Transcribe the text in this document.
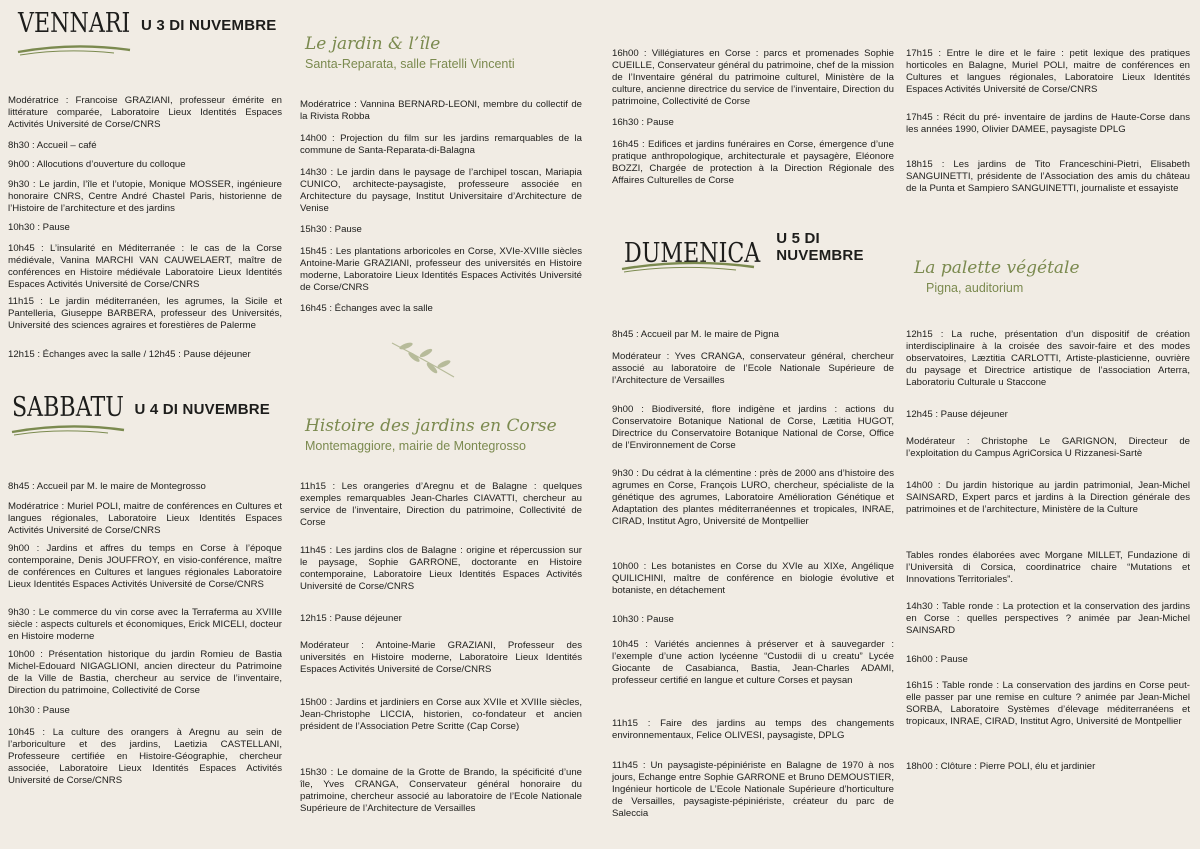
VENNARI U 3 DI NUVEMBRE

Modératrice : Francoise GRAZIANI, professeur émérite en littérature comparée, Laboratoire Lieux Identités Espaces Activités Université de Corse/CNRS

8h30 : Accueil – café

9h00 : Allocutions d’ouverture du colloque

9h30 : Le jardin, l’île et l’utopie, Monique MOSSER, ingénieure honoraire CNRS, Centre André Chastel Paris, historienne de l’Histoire de l’architecture et des jardins

10h30 : Pause

10h45 : L’insularité en Méditerranée : le cas de la Corse médiévale, Vanina MARCHI VAN CAUWELAERT, maître de conférences en Histoire médiévale Laboratoire Lieux Identités Espaces Activités Université de Corse/CNRS

11h15 : Le jardin méditerranéen, les agrumes, la Sicile et Pantelleria, Giuseppe BARBERA, professeur des Universités, Université des sciences agraires et forestières de Palerme

12h15 : Échanges avec la salle / 12h45 : Pause déjeuner

SABBATU U 4 DI NUVEMBRE

8h45 : Accueil par M. le maire de Montegrosso

Modératrice : Muriel POLI, maitre de conférences en Cultures et langues régionales, Laboratoire Lieux Identités Espaces Activités Université de Corse/CNRS

9h00 : Jardins et affres du temps en Corse à l’époque contemporaine, Denis JOUFFROY, en visio-conférence, maître de conférences en Cultures et langues régionales Laboratoire Lieux Identités Espaces Activités Université de Corse/CNRS

9h30 : Le commerce du vin corse avec la Terraferma au XVIIIe siècle : aspects culturels et économiques, Erick MICELI, docteur en Histoire moderne

10h00 : Présentation historique du jardin Romieu de Bastia Michel-Edouard NIGAGLIONI, ancien directeur du Patrimoine de la Ville de Bastia, chercheur au service de l’inventaire, Direction du patrimoine, Collectivité de Corse

10h30 : Pause

10h45 : La culture des orangers à Aregnu au sein de l’arboriculture et des jardins, Laetizia CASTELLANI, Professeure certifiée en Histoire-Géographie, chercheur associée, Laboratoire Lieux Identités Espaces Activités Université de Corse/CNRS

Le jardin & l’île
Santa-Reparata, salle Fratelli Vincenti

Modératrice : Vannina BERNARD-LEONI, membre du collectif de la Rivista Robba

14h00 : Projection du film sur les jardins remarquables de la commune de Santa-Reparata-di-Balagna

14h30 : Le jardin dans le paysage de l’archipel toscan, Mariapia CUNICO, architecte-paysagiste, professeure associée en Architecture du paysage, Institut Universitaire d’Architecture de Venise

15h30 : Pause

15h45 : Les plantations arboricoles en Corse, XVIe-XVIIIe siècles Antoine-Marie GRAZIANI, professeur des universités en Histoire moderne, Laboratoire Lieux Identités Espaces Activités Université de Corse/CNRS

16h45 : Échanges avec la salle

Histoire des jardins en Corse
Montemaggiore, mairie de Montegrosso

11h15 : Les orangeries d’Aregnu et de Balagne : quelques exemples remarquables Jean-Charles CIAVATTI, chercheur au service de l’inventaire, Direction du patrimoine, Collectivité de Corse

11h45 : Les jardins clos de Balagne : origine et répercussion sur le paysage, Sophie GARRONE, doctorante en Histoire contemporaine, Laboratoire Lieux Identités Espaces Activités Université de Corse/CNRS

12h15 : Pause déjeuner

Modérateur : Antoine-Marie GRAZIANI, Professeur des universités en Histoire moderne, Laboratoire Lieux Identités Espaces Activités Université de Corse/CNRS

15h00 : Jardins et jardiniers en Corse aux XVIIe et XVIIIe siècles, Jean-Christophe LICCIA, historien, co-fondateur et ancien président de l’Association Petre Scritte (Cap Corse)

15h30 : Le domaine de la Grotte de Brando, la spécificité d’une île, Yves CRANGA, Conservateur général honoraire du patrimoine, chercheur associé au laboratoire de l’Ecole Nationale Supérieure de l’Architecture de Versailles

16h00 : Villégiatures en Corse : parcs et promenades Sophie CUEILLE, Conservateur général du patrimoine, chef de la mission de l’Inventaire général du patrimoine culturel, Ministère de la culture, ancienne directrice du service de l’inventaire, Direction du patrimoine, Collectivité de Corse

16h30 : Pause

16h45 : Edifices et jardins funéraires en Corse, émergence d’une pratique anthropologique, architecturale et paysagère, Eléonore BOZZI, Chargée de protection à la Direction Régionale des Affaires Culturelles de Corse

DUMENICA U 5 DI NUVEMBRE

8h45 : Accueil par M. le maire de Pigna

Modérateur : Yves CRANGA, conservateur général, chercheur associé au laboratoire de l’Ecole Nationale Supérieure de l’Architecture de Versailles

9h00 : Biodiversité, flore indigène et jardins : actions du Conservatoire Botanique National de Corse, Lætitia HUGOT, Directrice du Conservatoire Botanique National de Corse, Office de l’Environnement de Corse

9h30 : Du cédrat à la clémentine : près de 2000 ans d’histoire des agrumes en Corse, François LURO, chercheur, spécialiste de la génétique des agrumes, Laboratoire Amélioration Génétique et Adaptation des plantes méditerranéennes et tropicales, INRAE, CIRAD, Institut Agro, Université de Montpellier

10h00 : Les botanistes en Corse du XVIe au XIXe, Angélique QUILICHINI, maître de conférence en biologie évolutive et botaniste, en détachement

10h30 : Pause

10h45 : Variétés anciennes à préserver et à sauvegarder : l’exemple d’une action lycéenne “Custodii di u creatu” Lycée Giocante de Casabianca, Bastia, Jean-Charles ADAMI, professeur certifié en langue et culture Corses et paysan

11h15 : Faire des jardins au temps des changements environnementaux, Felice OLIVESI, paysagiste, DPLG

11h45 : Un paysagiste-pépiniériste en Balagne de 1970 à nos jours, Echange entre Sophie GARRONE et Bruno DEMOUSTIER, Ingénieur horticole de L’Ecole Nationale Supérieure d’horticulture de Versailles, paysagiste-pépiniériste, créateur du parc de Saleccia

17h15 : Entre le dire et le faire : petit lexique des pratiques horticoles en Balagne, Muriel POLI, maitre de conférences en Cultures et langues régionales, Laboratoire Lieux Identités Espaces Activités Université de Corse/CNRS

17h45 : Récit du pré- inventaire de jardins de Haute-Corse dans les années 1990, Olivier DAMEE, paysagiste DPLG

18h15 : Les jardins de Tito Franceschini-Pietri, Elisabeth SANGUINETTI, présidente de l’Association des amis du château de la Punta et Sampiero SANGUINETTI, journaliste et essayiste

La palette végétale
Pigna, auditorium

12h15 : La ruche, présentation d’un dispositif de création interdisciplinaire à la croisée des savoir-faire et des modes observatoires, Læztitia CARLOTTI, Artiste-plasticienne, ouvrière du paysage et Directrice artistique de l’association Arterra, Laboratoriu Culturale u Staccone

12h45 : Pause déjeuner

Modérateur : Christophe Le GARIGNON, Directeur de l’exploitation du Campus AgriCorsica U Rizzanesi-Sartè

14h00 : Du jardin historique au jardin patrimonial, Jean-Michel SAINSARD, Expert parcs et jardins à la Direction générale des patrimoines et de l’architecture, Ministère de la Culture

Tables rondes élaborées avec Morgane MILLET, Fundazione di l’Università di Corsica, coordinatrice chaire “Mutations et Innovations Territoriales”.

14h30 : Table ronde : La protection et la conservation des jardins en Corse : quelles perspectives ? animée par Jean-Michel SAINSARD

16h00 : Pause

16h15 : Table ronde : La conservation des jardins en Corse peut-elle passer par une remise en culture ? animée par Jean-Michel SORBA, Laboratoire Systèmes d’élevage méditerranéens et tropicaux, INRAE, CIRAD, Institut Agro, Université de Montpellier

18h00 : Clôture : Pierre POLI, élu et jardinier
